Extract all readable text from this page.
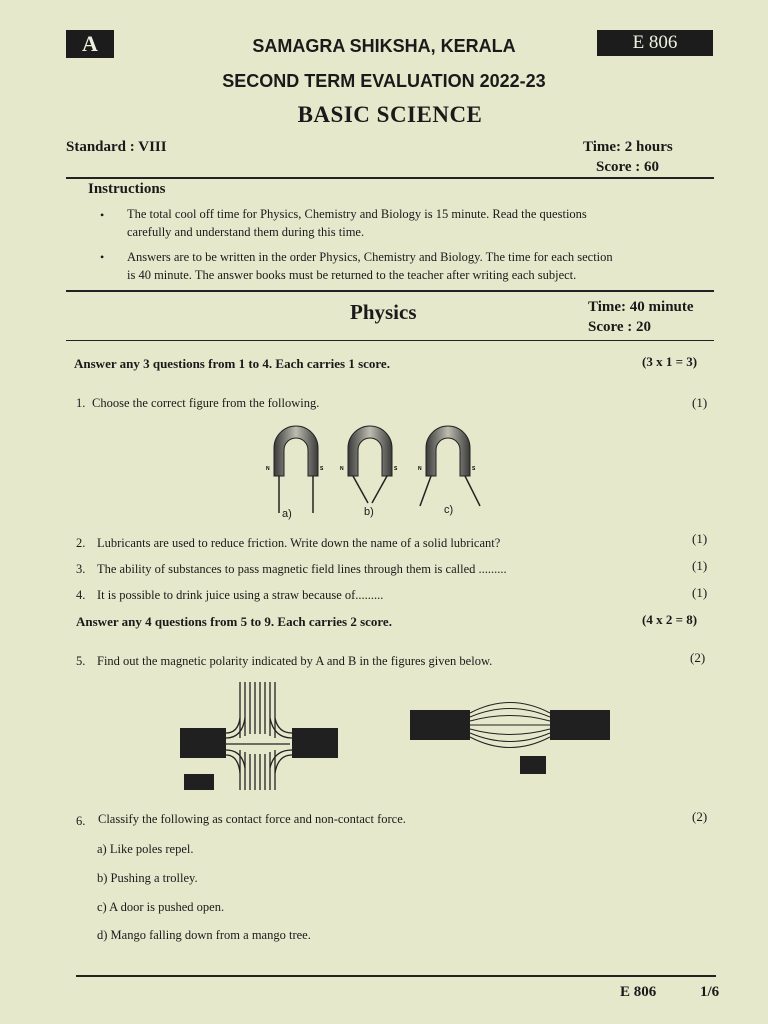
A	E 806
SAMAGRA SHIKSHA, KERALA
SECOND TERM EVALUATION 2022-23
BASIC SCIENCE
Standard : VIII	Time: 2 hours
Score : 60
Instructions
• The total cool off time for Physics, Chemistry and Biology is 15 minute. Read the questions
carefully and understand them during this time.
• Answers are to be written in the order Physics, Chemistry and Biology. The time for each section
is 40 minute. The answer books must be returned to the teacher after writing each subject.
Physics	Time: 40 minute
Score : 20
Answer any 3 questions from 1 to 4. Each carries 1 score.	(3 x 1 = 3)
1. Choose the correct figure from the following.	(1)
N	S	N	S	N	S
a)	b)	c)
2. Lubricants are used to reduce friction. Write down the name of a solid lubricant?	(1)
3. The ability of substances to pass magnetic field lines through them is called .........	(1)
4. It is possible to drink juice using a straw because of.........	(1)
Answer any 4 questions from 5 to 9. Each carries 2 score.	(4 x 2 = 8)
5. Find out the magnetic polarity indicated by A and B in the figures given below.	(2)
6. Classify the following as contact force and non-contact force.	(2)
a) Like poles repel.
b) Pushing a trolley.
c) A door is pushed open.
d) Mango falling down from a mango tree.
E 806	1/6
